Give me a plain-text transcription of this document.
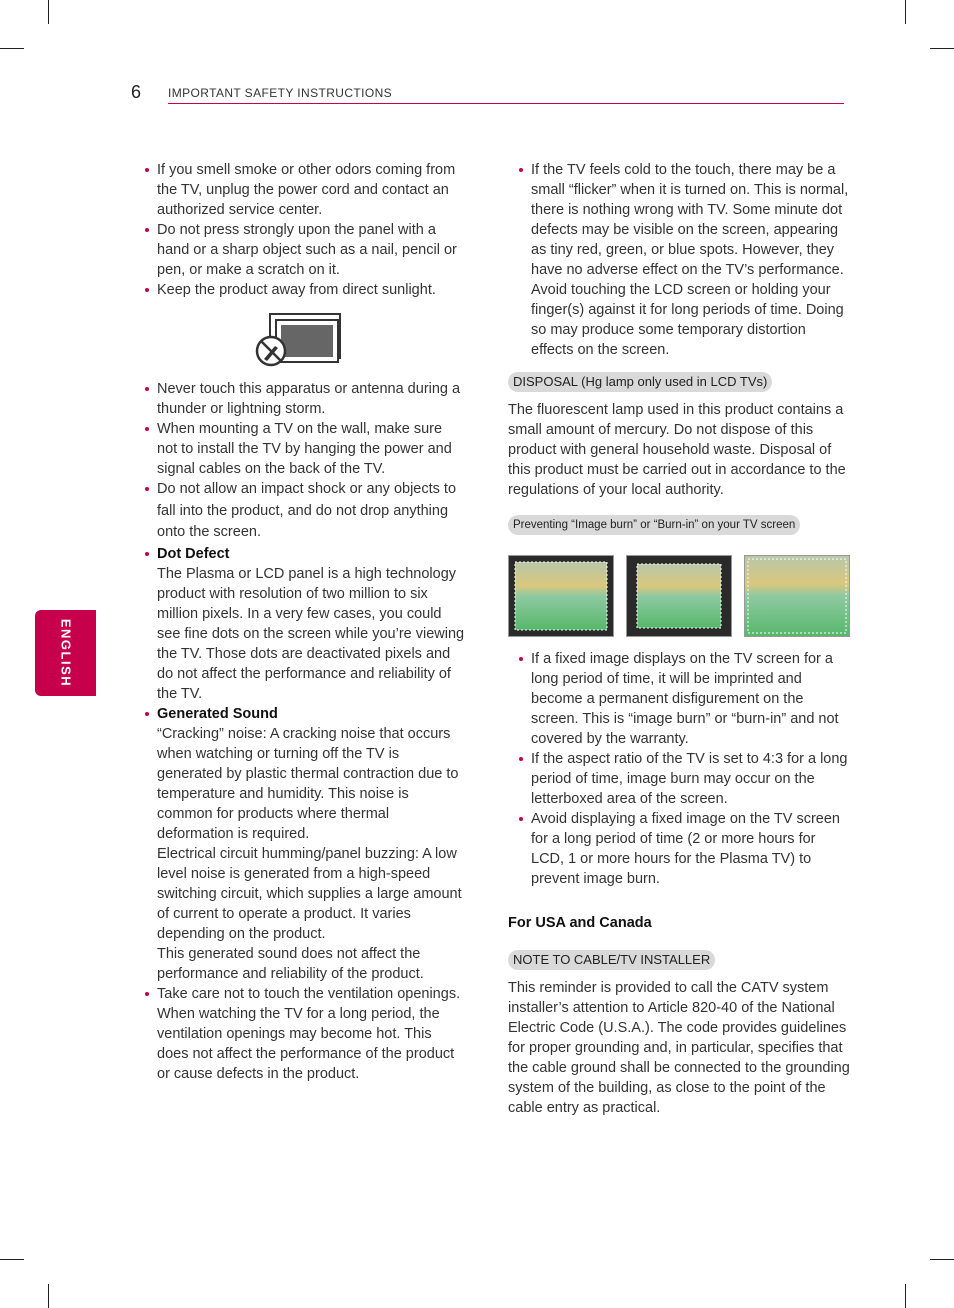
6 IMPORTANT SAFETY INSTRUCTIONS
ENGLISH
If you smell smoke or other odors coming from the TV, unplug the power cord and contact an authorized service center.
Do not press strongly upon the panel with a hand or a sharp object such as a nail, pencil or pen, or make a scratch on it.
Keep the product away from direct sunlight.
Never touch this apparatus or antenna during a thunder or lightning storm.
When mounting a TV on the wall, make sure not to install the TV by hanging the power and signal cables on the back of the TV.
Do not allow an impact shock or any objects to fall into the product, and do not drop anything onto the screen.
Dot Defect
The Plasma or LCD panel is a high technology product with resolution of two million to six million pixels. In a very few cases, you could see fine dots on the screen while you’re viewing the TV. Those dots are deactivated pixels and do not affect the performance and reliability of the TV.
Generated Sound
“Cracking” noise: A cracking noise that occurs when watching or turning off the TV is generated by plastic thermal contraction due to temperature and humidity. This noise is common for products where thermal deformation is required.
Electrical circuit humming/panel buzzing: A low level noise is generated from a high-speed switching circuit, which supplies a large amount of current to operate a product. It varies depending on the product.
This generated sound does not affect the performance and reliability of the product.
Take care not to touch the ventilation openings. When watching the TV for a long period, the ventilation openings may become hot. This does not affect the performance of the product or cause defects in the product.
If the TV feels cold to the touch, there may be a small “flicker” when it is turned on. This is normal, there is nothing wrong with TV. Some minute dot defects may be visible on the screen, appearing as tiny red, green, or blue spots. However, they have no adverse effect on the TV’s performance. Avoid touching the LCD screen or holding your finger(s) against it for long periods of time. Doing so may produce some temporary distortion effects on the screen.
DISPOSAL (Hg lamp only used in LCD TVs)

The fluorescent lamp used in this product contains a small amount of mercury. Do not dispose of this product with general household waste. Disposal of this product must be carried out in accordance to the regulations of your local authority.

Preventing “Image burn” or “Burn-in” on your TV screen
If a fixed image displays on the TV screen for a long period of time, it will be imprinted and become a permanent disfigurement on the screen. This is “image burn” or “burn-in” and not covered by the warranty.
If the aspect ratio of the TV is set to 4:3 for a long period of time, image burn may occur on the letterboxed area of the screen.
Avoid displaying a fixed image on the TV screen for a long period of time (2 or more hours for LCD, 1 or more hours for the Plasma TV) to prevent image burn.
For USA and Canada
NOTE TO CABLE/TV INSTALLER

This reminder is provided to call the CATV system installer’s attention to Article 820-40 of the National Electric Code (U.S.A.). The code provides guidelines for proper grounding and, in particular, specifies that the cable ground shall be connected to the grounding system of the building, as close to the point of the cable entry as practical.
